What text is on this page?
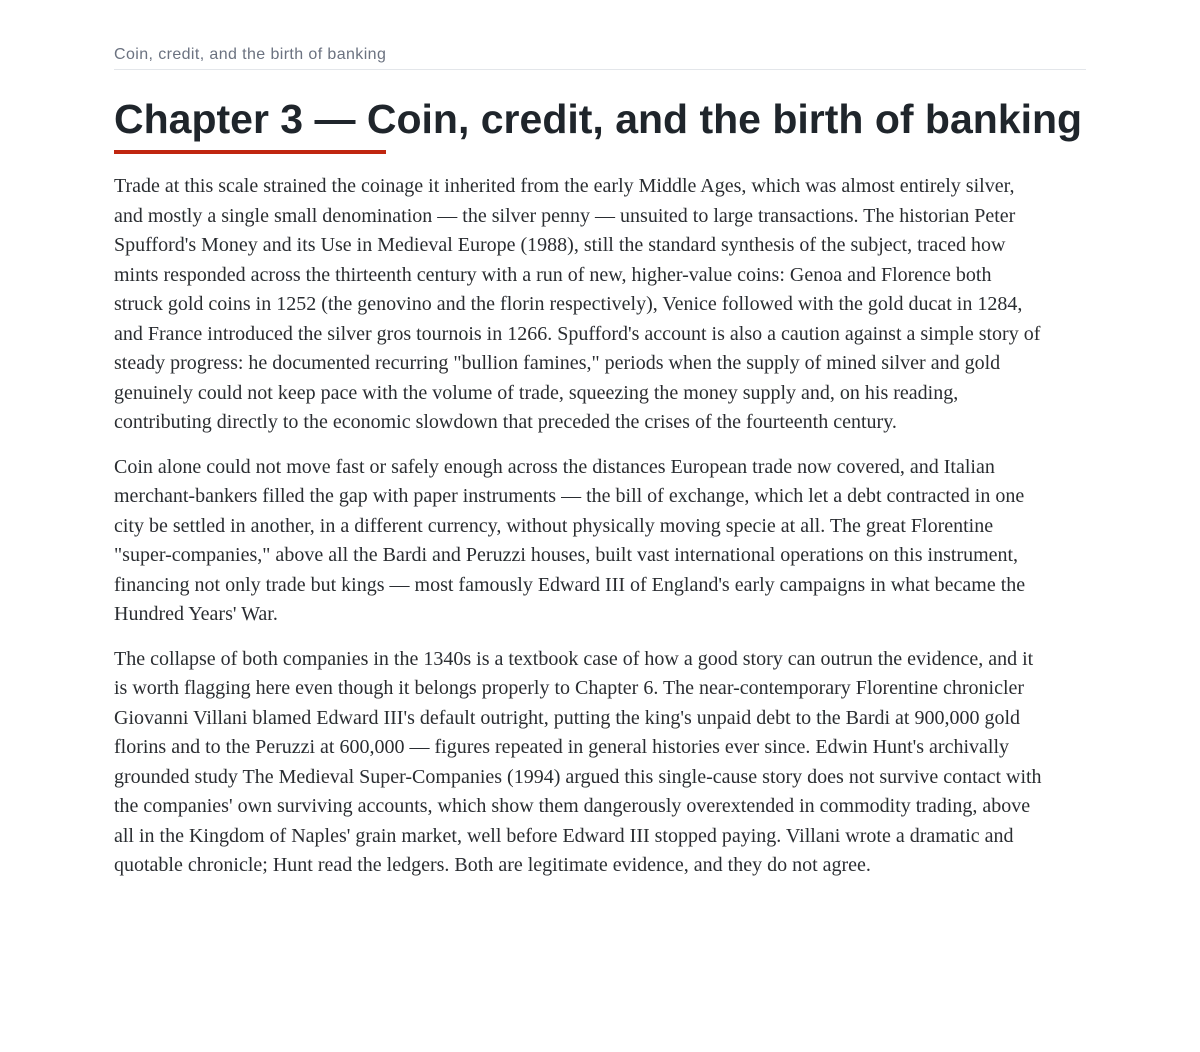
Coin, credit, and the birth of banking
Chapter 3 — Coin, credit, and the birth of banking

Trade at this scale strained the coinage it inherited from the early Middle Ages, which was almost entirely silver, and mostly a single small denomination — the silver penny — unsuited to large transactions. The historian Peter Spufford's Money and its Use in Medieval Europe (1988), still the standard synthesis of the subject, traced how mints responded across the thirteenth century with a run of new, higher-value coins: Genoa and Florence both struck gold coins in 1252 (the genovino and the florin respectively), Venice followed with the gold ducat in 1284, and France introduced the silver gros tournois in 1266. Spufford's account is also a caution against a simple story of steady progress: he documented recurring "bullion famines," periods when the supply of mined silver and gold genuinely could not keep pace with the volume of trade, squeezing the money supply and, on his reading, contributing directly to the economic slowdown that preceded the crises of the fourteenth century.

Coin alone could not move fast or safely enough across the distances European trade now covered, and Italian merchant-bankers filled the gap with paper instruments — the bill of exchange, which let a debt contracted in one city be settled in another, in a different currency, without physically moving specie at all. The great Florentine "super-companies," above all the Bardi and Peruzzi houses, built vast international operations on this instrument, financing not only trade but kings — most famously Edward III of England's early campaigns in what became the Hundred Years' War.

The collapse of both companies in the 1340s is a textbook case of how a good story can outrun the evidence, and it is worth flagging here even though it belongs properly to Chapter 6. The near-contemporary Florentine chronicler Giovanni Villani blamed Edward III's default outright, putting the king's unpaid debt to the Bardi at 900,000 gold florins and to the Peruzzi at 600,000 — figures repeated in general histories ever since. Edwin Hunt's archivally grounded study The Medieval Super-Companies (1994) argued this single-cause story does not survive contact with the companies' own surviving accounts, which show them dangerously overextended in commodity trading, above all in the Kingdom of Naples' grain market, well before Edward III stopped paying. Villani wrote a dramatic and quotable chronicle; Hunt read the ledgers. Both are legitimate evidence, and they do not agree.
